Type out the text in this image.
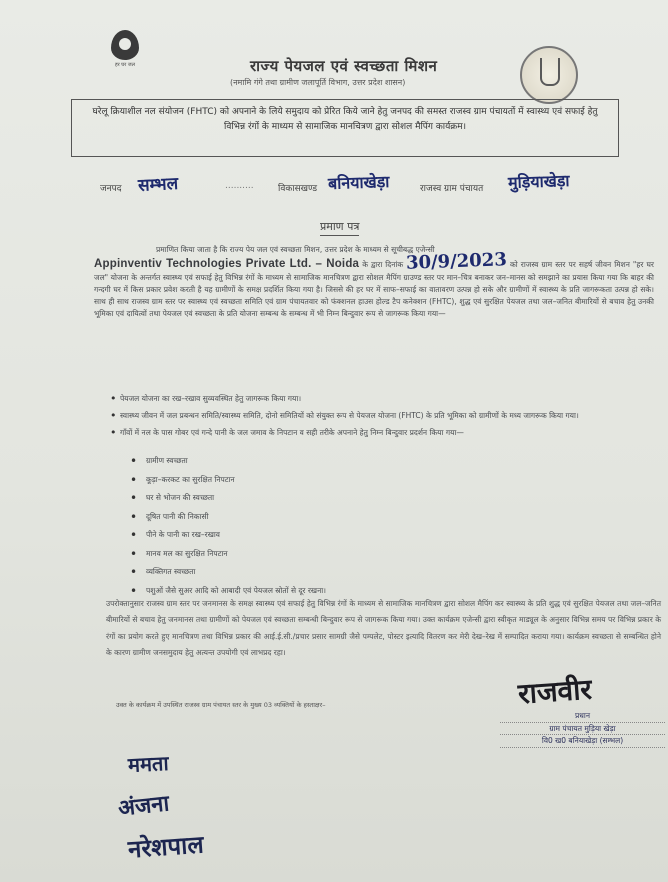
हर घर जल	राज्य पेयजल एवं स्वच्छता मिशन
(नमामि गंगे तथा ग्रामीण जलापूर्ति विभाग, उत्तर प्रदेश शासन)
घरेलू क्रियाशील नल संयोजन (FHTC) को अपनाने के लिये समुदाय को प्रेरित किये जाने हेतु जनपद की समस्त राजस्व ग्राम पंचायतों में स्वास्थ्य एवं सफाई हेतु विभिन्न रंगों के माध्यम से सामाजिक मानचित्रण द्वारा सोशल मैपिंग कार्यक्रम।
जनपद सम्भल	..........	विकासखण्ड बनियाखेड़ा	राजस्व ग्राम पंचायत मुड़ियाखेड़ा
प्रमाण पत्र
प्रमाणित किया जाता है कि राज्य पेय जल एवं स्वच्छता मिशन, उत्तर प्रदेश के माध्यम से सूचीबद्ध एजेन्सी
Appinventiv Technologies Private Ltd. – Noida के द्वारा दिनांक 30/9/2023 को राजस्व ग्राम स्तर पर सहर्ष जीवन मिशन "हर घर जल" योजना के अन्तर्गत स्वास्थ्य एवं सफाई हेतु विभिन्न रंगों के माध्यम से सामाजिक मानचित्रण द्वारा सोशल मैपिंग ग्राउण्ड स्तर पर मान–चित्र बनाकर जन–मानस को समझाने का प्रयास किया गया कि बाहर की गन्दगी घर में किस प्रकार प्रवेश करती है यह ग्रामीणों के समक्ष प्रदर्शित किया गया है। जिससे की हर घर में साफ–सफाई का वातावरण उत्पन्न हो सके और ग्रामीणों में स्वास्थ्य के प्रति जागरूकता उत्पन्न हो सके। साथ ही साथ राजस्व ग्राम स्तर पर स्वास्थ्य एवं स्वच्छता समिति एवं ग्राम पंचायतवार को फंक्शनल हाउस होल्ड टैप कनेक्शन (FHTC), शुद्ध एवं सुरक्षित पेयजल तथा जल–जनित बीमारियों से बचाव हेतु उनकी भूमिका एवं दायित्वों तथा पेयजल एवं स्वच्छता के प्रति योजना सम्बन्ध के सम्बन्ध में भी निम्न बिन्दुवार रूप से जागरूक किया गया—
• पेयजल योजना का रख–रखाव सुव्यवस्थित हेतु जागरूक किया गया।
• स्वास्थ्य जीवन में जल प्रबन्धन समिति/स्वास्थ्य समिति, दोनो समितियों को संयुक्त रूप से पेयजल योजना (FHTC) के प्रति भूमिका को ग्रामीणों के मध्य जागरूक किया गया।
• गाँवों में नल के पास गोबर एवं गन्दे पानी के जल जमाव के निपटान व सही तरीके अपनाने हेतु निम्न बिन्दुवार प्रदर्शन किया गया—
• ग्रामीण स्वच्छता
• कूड़ा–करकट का सुरक्षित निपटान
• घर से भोजन की स्वच्छता
• दूषित पानी की निकासी
• पीने के पानी का रख–रखाव
• मानव मल का सुरक्षित निपटान
• व्यक्तिगत स्वच्छता
• पशुओं जैसे सुअर आदि को आबादी एवं पेयजल स्रोतों से दूर रखना।
उपरोक्तानुसार राजस्व ग्राम स्तर पर जनमानस के समक्ष स्वास्थ्य एवं सफाई हेतु विभिन्न रंगों के माध्यम से सामाजिक मानचित्रण द्वारा सोशल मैपिंग कर स्वास्थ्य के प्रति शुद्ध एवं सुरक्षित पेयजल तथा जल–जनित बीमारियों से बचाव हेतु जनमानस तथा ग्रामीणों को पेयजल एवं स्वच्छता सम्बन्धी बिन्दुवार रूप से जागरूक किया गया। उक्त कार्यक्रम एजेन्सी द्वारा स्वीकृत माड्यूल के अनुसार विभिन्न समय पर विभिन्न प्रकार के रंगों का प्रयोग करते हुए मानचित्रण तथा विभिन्न प्रकार की आई.ई.सी./प्रचार प्रसार सामग्री जैसे पम्पलेट, पोस्टर इत्यादि वितरण कर मेरी देख–रेख में सम्पादित कराया गया। कार्यक्रम स्वच्छता से सम्बन्धित होने के कारण ग्रामीण जनसमुदाय हेतु अत्यन्त उपयोगी एवं लाभप्रद रहा।
उक्त के कार्यक्रम में उपस्थित राजस्व ग्राम पंचायत स्तर के मुख्य 03 व्यक्तियों के हस्ताक्षर–	राजवीर
प्रधान
ग्राम पंचायत मुड़िया खेड़ा
वि0 ख0 बनियाखेड़ा (सम्भल)
ममता
अंजना
नरेशपाल
